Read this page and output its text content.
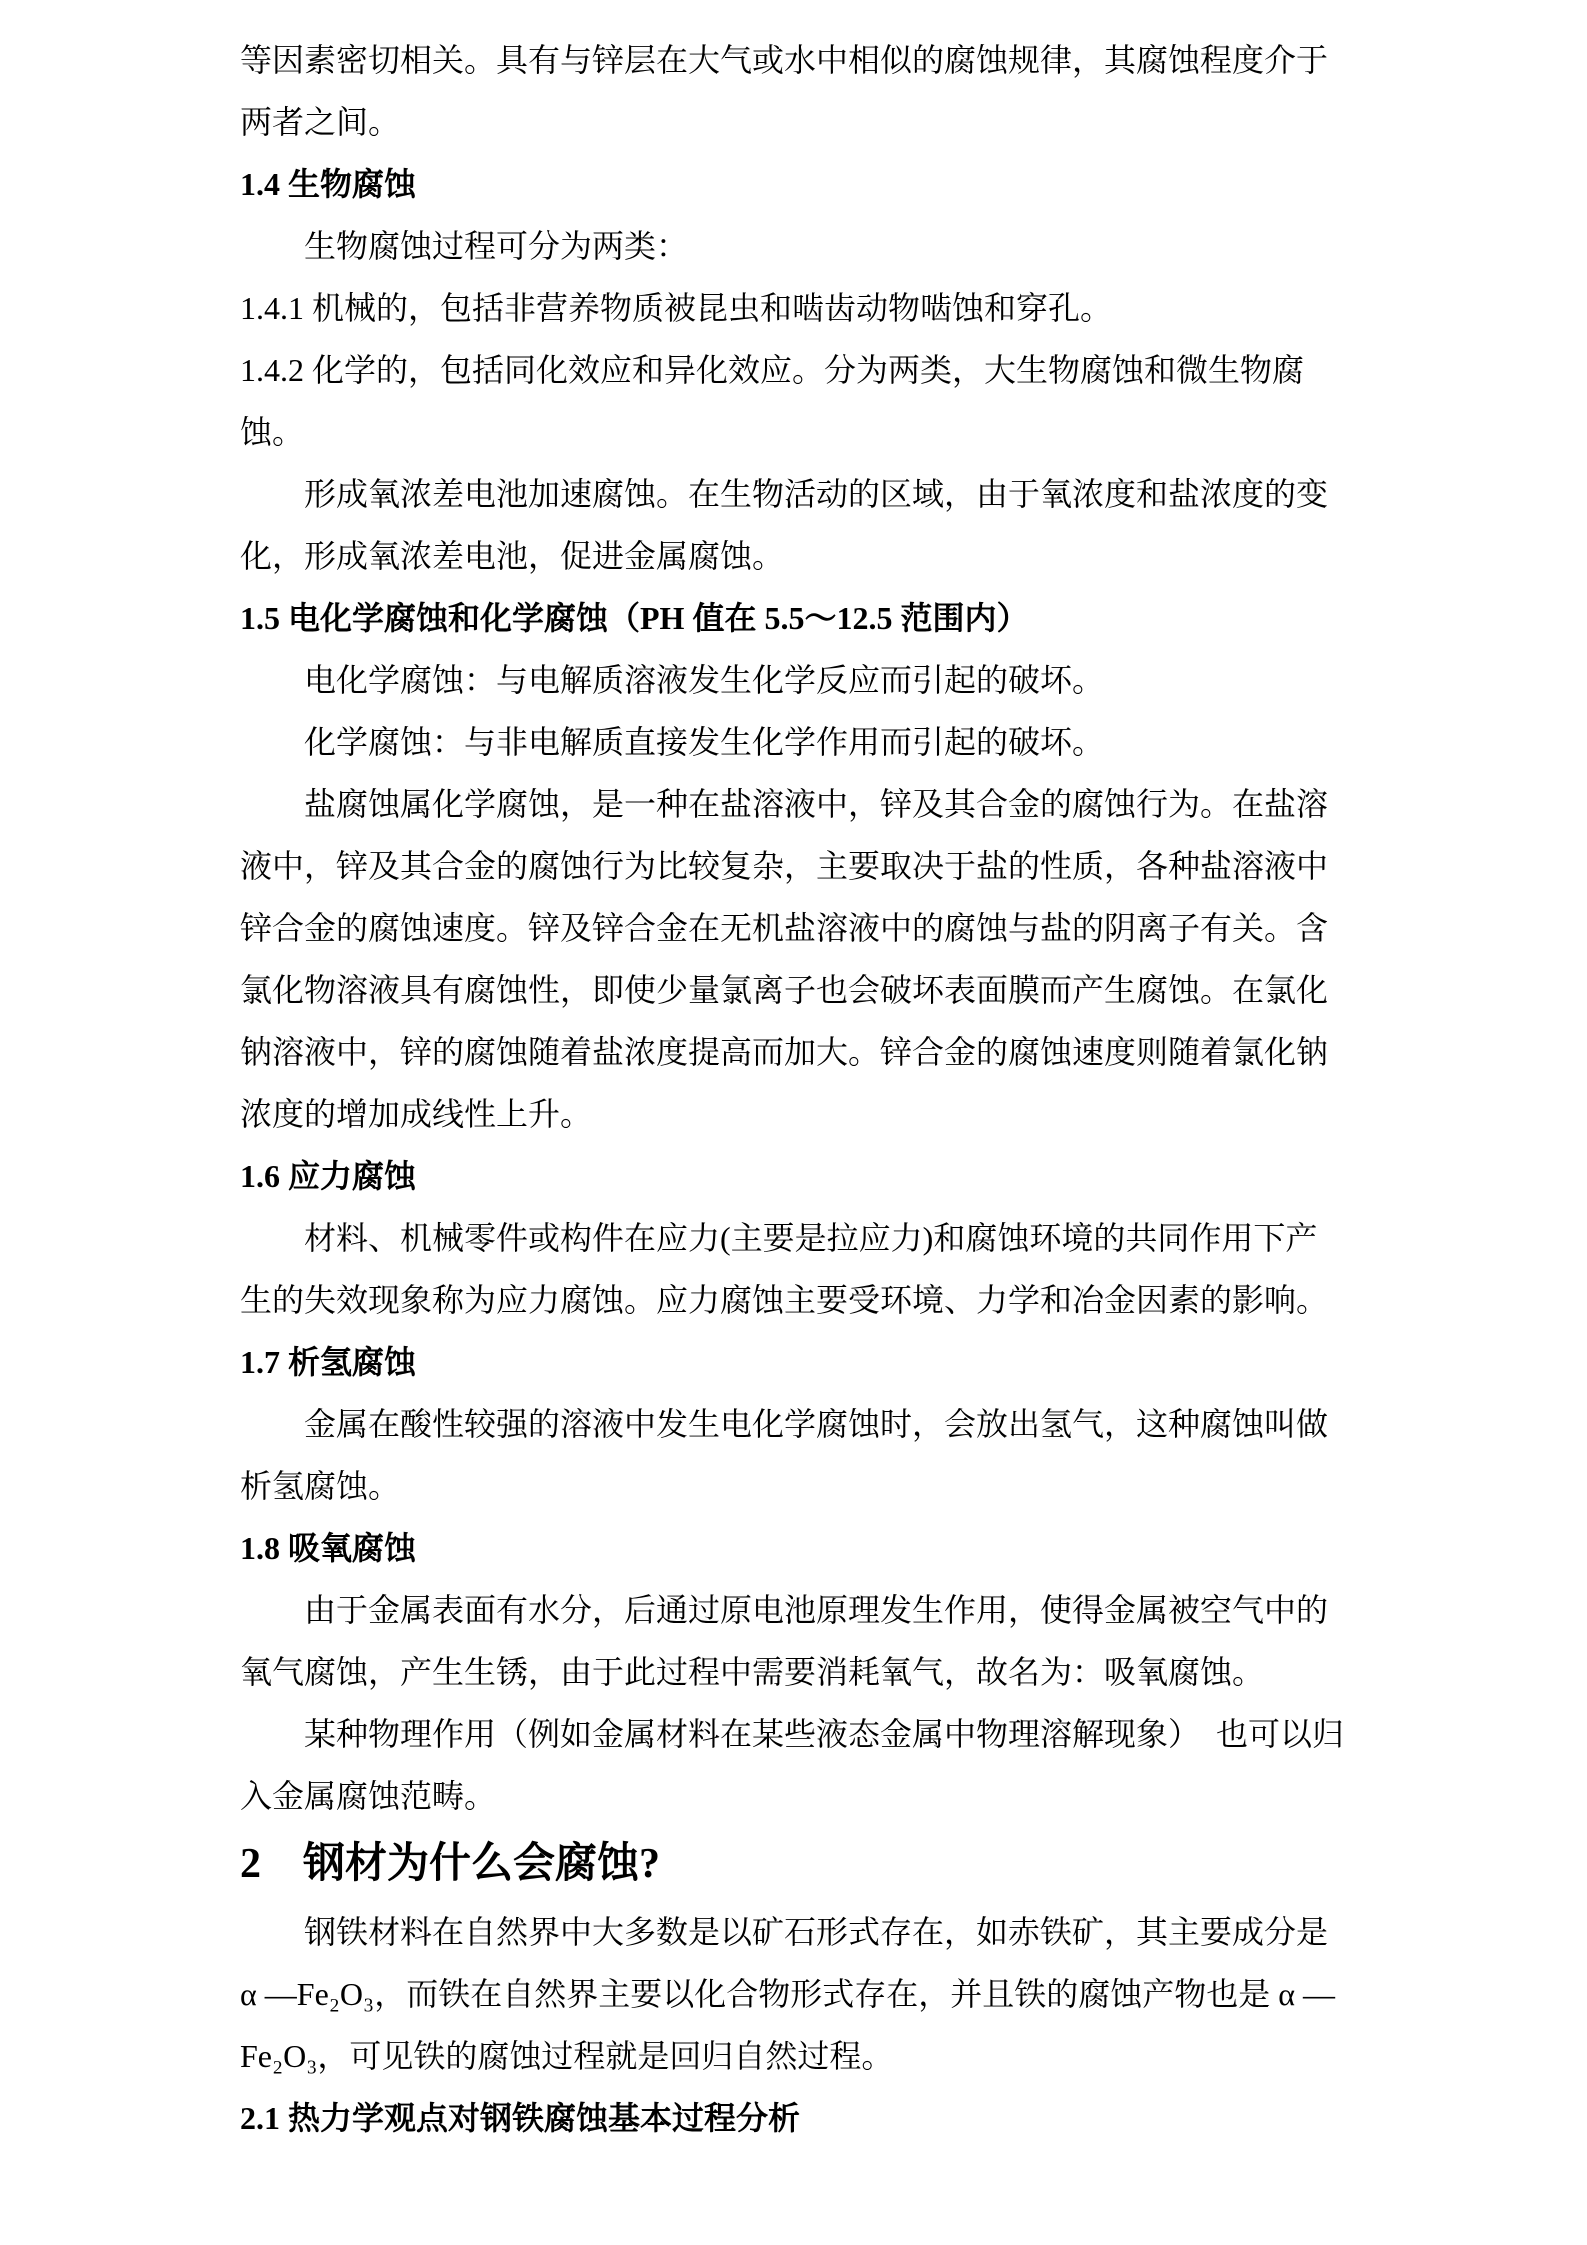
等因素密切相关。具有与锌层在大气或水中相似的腐蚀规律，其腐蚀程度介于
两者之间。
1.4 生物腐蚀
生物腐蚀过程可分为两类：
1.4.1 机械的，包括非营养物质被昆虫和啮齿动物啮蚀和穿孔。
1.4.2 化学的，包括同化效应和异化效应。分为两类，大生物腐蚀和微生物腐
蚀。
形成氧浓差电池加速腐蚀。在生物活动的区域，由于氧浓度和盐浓度的变
化，形成氧浓差电池，促进金属腐蚀。
1.5 电化学腐蚀和化学腐蚀（PH 值在 5.5～12.5 范围内）
电化学腐蚀：与电解质溶液发生化学反应而引起的破坏。
化学腐蚀：与非电解质直接发生化学作用而引起的破坏。
盐腐蚀属化学腐蚀，是一种在盐溶液中，锌及其合金的腐蚀行为。在盐溶
液中，锌及其合金的腐蚀行为比较复杂，主要取决于盐的性质，各种盐溶液中
锌合金的腐蚀速度。锌及锌合金在无机盐溶液中的腐蚀与盐的阴离子有关。含
氯化物溶液具有腐蚀性，即使少量氯离子也会破坏表面膜而产生腐蚀。在氯化
钠溶液中，锌的腐蚀随着盐浓度提高而加大。锌合金的腐蚀速度则随着氯化钠
浓度的增加成线性上升。
1.6 应力腐蚀
材料、机械零件或构件在应力(主要是拉应力)和腐蚀环境的共同作用下产
生的失效现象称为应力腐蚀。应力腐蚀主要受环境、力学和冶金因素的影响。
1.7 析氢腐蚀
金属在酸性较强的溶液中发生电化学腐蚀时，会放出氢气，这种腐蚀叫做
析氢腐蚀。
1.8 吸氧腐蚀
由于金属表面有水分，后通过原电池原理发生作用，使得金属被空气中的
氧气腐蚀，产生生锈，由于此过程中需要消耗氧气，故名为：吸氧腐蚀。
某种物理作用（例如金属材料在某些液态金属中物理溶解现象）　也可以归
入金属腐蚀范畴。
2　钢材为什么会腐蚀?
钢铁材料在自然界中大多数是以矿石形式存在，如赤铁矿，其主要成分是
α —Fe₂O₃，而铁在自然界主要以化合物形式存在，并且铁的腐蚀产物也是 α —
Fe₂O₃，可见铁的腐蚀过程就是回归自然过程。
2.1 热力学观点对钢铁腐蚀基本过程分析
